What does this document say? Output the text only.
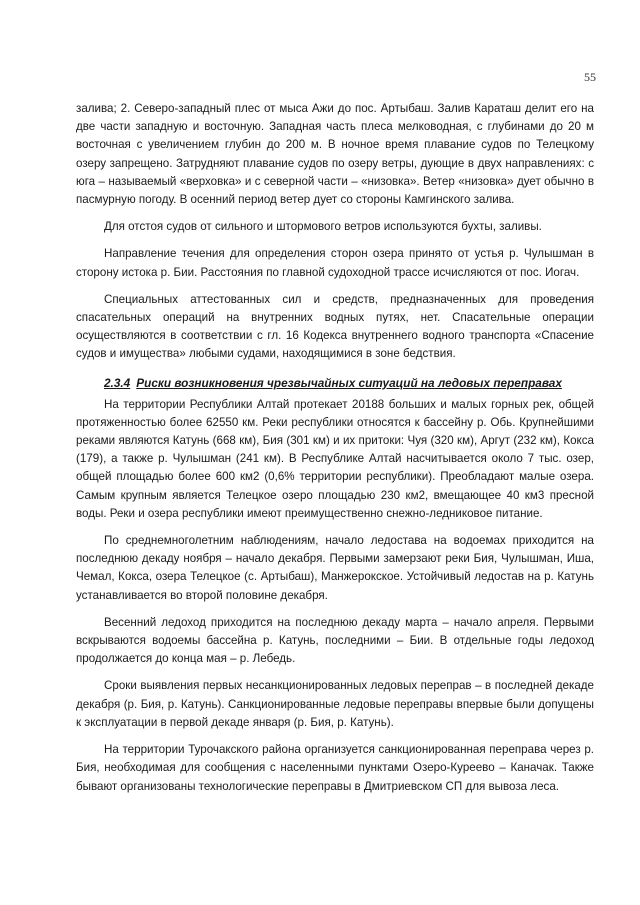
55

залива; 2. Северо-западный плес от мыса Ажи до пос. Артыбаш. Залив Караташ делит его на две части западную и восточную. Западная часть плеса мелководная, с глубинами до 20 м восточная с увеличением глубин до 200 м. В ночное время плавание судов по Телецкому озеру запрещено. Затрудняют плавание судов по озеру ветры, дующие в двух направлениях: с юга – называемый «верховка» и с северной части – «низовка». Ветер «низовка» дует обычно в пасмурную погоду. В осенний период ветер дует со стороны Камгинского залива.

Для отстоя судов от сильного и штормового ветров используются бухты, заливы.

Направление течения для определения сторон озера принято от устья р. Чулышман в сторону истока р. Бии. Расстояния по главной судоходной трассе исчисляются от пос. Иогач.

Специальных аттестованных сил и средств, предназначенных для проведения спасательных операций на внутренних водных путях, нет. Спасательные операции осуществляются в соответствии с гл. 16 Кодекса внутреннего водного транспорта «Спасение судов и имущества» любыми судами, находящимися в зоне бедствия.

2.3.4 Риски возникновения чрезвычайных ситуаций на ледовых переправах

На территории Республики Алтай протекает 20188 больших и малых горных рек, общей протяженностью более 62550 км. Реки республики относятся к бассейну р. Обь. Крупнейшими реками являются Катунь (668 км), Бия (301 км) и их притоки: Чуя (320 км), Аргут (232 км), Кокса (179), а также р. Чулышман (241 км). В Республике Алтай насчитывается около 7 тыс. озер, общей площадью более 600 км2 (0,6% территории республики). Преобладают малые озера. Самым крупным является Телецкое озеро площадью 230 км2, вмещающее 40 км3 пресной воды. Реки и озера республики имеют преимущественно снежно-ледниковое питание.

По среднемноголетним наблюдениям, начало ледостава на водоемах приходится на последнюю декаду ноября – начало декабря. Первыми замерзают реки Бия, Чулышман, Иша, Чемал, Кокса, озера Телецкое (с. Артыбаш), Манжерокское. Устойчивый ледостав на р. Катунь устанавливается во второй половине декабря.

Весенний ледоход приходится на последнюю декаду марта – начало апреля. Первыми вскрываются водоемы бассейна р. Катунь, последними – Бии. В отдельные годы ледоход продолжается до конца мая – р. Лебедь.

Сроки выявления первых несанкционированных ледовых переправ – в последней декаде декабря (р. Бия, р. Катунь). Санкционированные ледовые переправы впервые были допущены к эксплуатации в первой декаде января (р. Бия, р. Катунь).

На территории Турочакского района организуется санкционированная переправа через р. Бия, необходимая для сообщения с населенными пунктами Озеро-Куреево – Каначак. Также бывают организованы технологические переправы в Дмитриевском СП для вывоза леса.
